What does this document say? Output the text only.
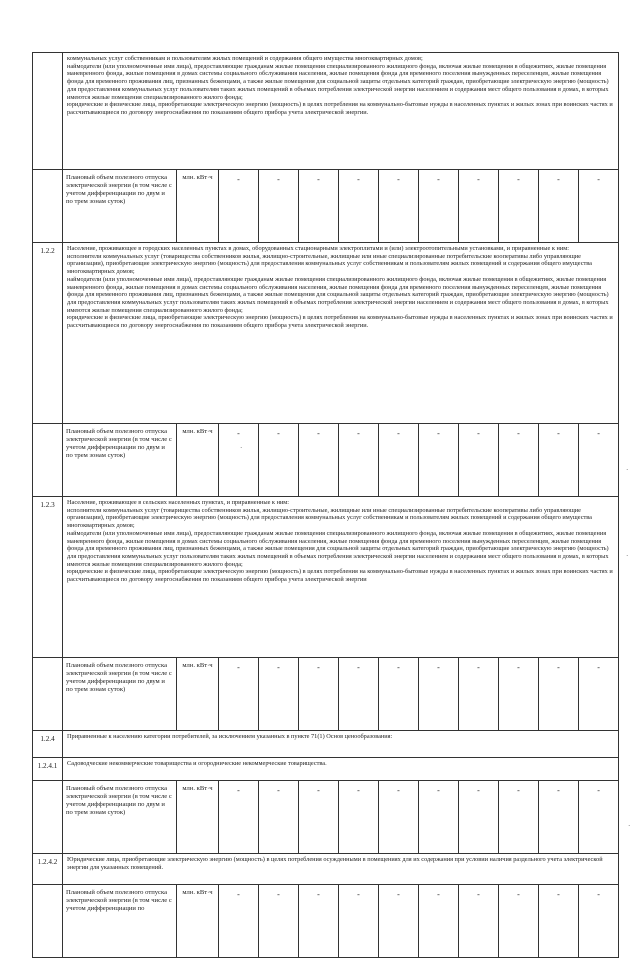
	коммунальных услуг собственникам и пользователям жилых помещений и содержания общего имущества многоквартирных домов;

наймодатели (или уполномоченные ими лица), предоставляющие гражданам жилые помещения специализированного жилищного фонда, включая жилые помещения в общежитиях, жилые помещения маневренного фонда, жилые помещения в домах системы социального обслуживания населения, жилые помещения фонда для временного поселения вынужденных переселенцев, жилые помещения фонда для временного проживания лиц, признанных беженцами, а также жилые помещения для социальной защиты отдельных категорий граждан, приобретающие электрическую энергию (мощность) для предоставления коммунальных услуг пользователям таких жилых помещений в объемах потребления электрической энергии населением и содержания мест общего пользования в домах, в которых имеются жилые помещения специализированного жилого фонда;

юридические и физические лица, приобретающие электрическую энергию (мощность) в целях потребления на коммунально-бытовые нужды в населенных пунктах и жилых зонах при воинских частях и рассчитывающиеся по договору энергоснабжения по показаниям общего прибора учета электрической энергии.											

	Плановый объем полезного отпуска электрической энергии (в том числе с учетом дифференциации по двум и по трем зонам суток)	млн. кВт·ч	-	-	-	-	-	-	-	-	-	-
1.2.2	Население, проживающее в городских населенных пунктах в домах, оборудованных стационарными электроплитами и (или) электроотопительными установками, и приравненные к ним:

исполнители коммунальных услуг (товарищества собственников жилья, жилищно-строительные, жилищные или иные специализированные потребительские кооперативы либо управляющие организации), приобретающие электрическую энергию (мощность) для предоставления коммунальных услуг собственникам и пользователям жилых помещений и содержания общего имущества многоквартирных домов;

наймодатели (или уполномоченные ими лица), предоставляющие гражданам жилые помещения специализированного жилищного фонда, включая жилые помещения в общежитиях, жилые помещения маневренного фонда, жилые помещения в домах системы социального обслуживания населения, жилые помещения фонда для временного поселения вынужденных переселенцев, жилые помещения фонда для временного проживания лиц, признанных беженцами, а также жилые помещения для социальной защиты отдельных категорий граждан, приобретающие электрическую энергию (мощность) для предоставления коммунальных услуг пользователям таких жилых помещений в объемах потребления электрической энергии населением и содержания мест общего пользования в домах, в которых имеются жилые помещения специализированного жилого фонда;

юридические и физические лица, приобретающие электрическую энергию (мощность) в целях потребления на коммунально-бытовые нужды в населенных пунктах и жилых зонах при воинских частях и рассчитывающиеся по договору энергоснабжения по показаниям общего прибора учета электрической энергии.											

	Плановый объем полезного отпуска электрической энергии (в том числе с учетом дифференциации по двум и по трем зонам суток)	млн. кВт·ч	-	-	-	-	-	-	-	-	-	-
1.2.3	Население, проживающее в сельских населенных пунктах, и приравненные к ним:

исполнители коммунальных услуг (товарищества собственников жилья, жилищно-строительные, жилищные или иные специализированные потребительские кооперативы либо управляющие организации), приобретающие электрическую энергию (мощность) для предоставления коммунальных услуг собственникам и пользователям жилых помещений и содержания общего имущества многоквартирных домов;

наймодатели (или уполномоченные ими лица), предоставляющие гражданам жилые помещения специализированного жилищного фонда, включая жилые помещения в общежитиях, жилые помещения маневренного фонда, жилые помещения в домах системы социального обслуживания населения, жилые помещения фонда для временного поселения вынужденных переселенцев, жилые помещения фонда для временного проживания лиц, признанных беженцами, а также жилые помещения для социальной защиты отдельных категорий граждан, приобретающие электрическую энергию (мощность) для предоставления коммунальных услуг пользователям таких жилых помещений в объемах потребления электрической энергии населением и содержания мест общего пользования в домах, в которых имеются жилые помещения специализированного жилого фонда;

юридические и физические лица, приобретающие электрическую энергию (мощность) в целях потребления на коммунально-бытовые нужды в населенных пунктах и жилых зонах при воинских частях и рассчитывающиеся по договору энергоснабжения по показаниям общего прибора учета электрической энергии											

	Плановый объем полезного отпуска электрической энергии (в том числе с учетом дифференциации по двум и по трем зонам суток)	млн. кВт·ч	-	-	-	-	-	-	-	-	-	-
1.2.4	Приравненные к населению категории потребителей, за исключением указанных в пункте 71(1) Основ ценообразования:											
1.2.4.1	Садоводческие некоммерческие товарищества и огороднические некоммерческие товарищества.											
	Плановый объем полезного отпуска электрической энергии (в том числе с учетом дифференциации по двум и по трем зонам суток)	млн. кВт·ч	-	-	-	-	-	-	-	-	-	-
1.2.4.2	Юридические лица, приобретающие электрическую энергию (мощность) в целях потребления осужденными в помещениях для их содержания при условии наличия раздельного учета электрической энергии для указанных помещений.											
	Плановый объем полезного отпуска электрической энергии (в том числе с учетом дифференциации по	млн. кВт·ч	-	-	-	-	-	-	-	-	-	-
·
·
·
·
